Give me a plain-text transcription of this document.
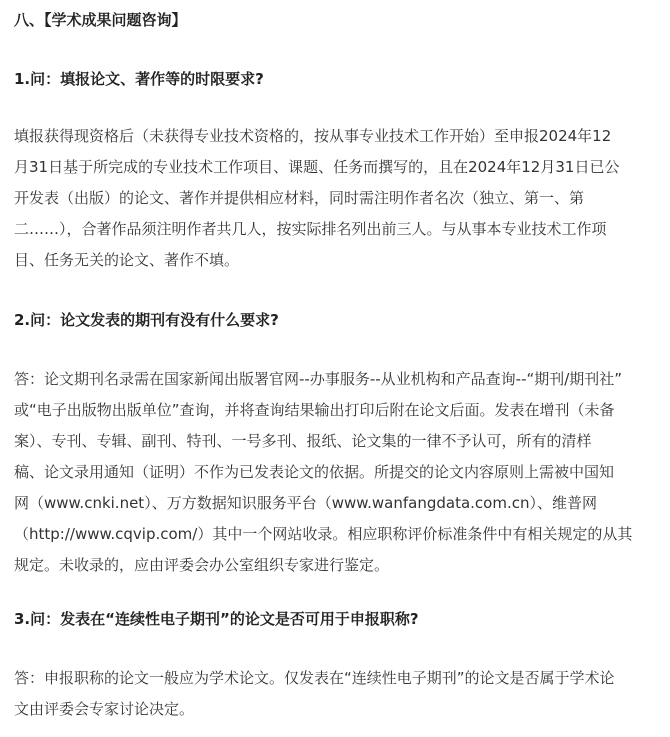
八、【学术成果问题咨询】
1.问：填报论文、著作等的时限要求?
填报获得现资格后（未获得专业技术资格的，按从事专业技术工作开始）至申报2024年12
月31日基于所完成的专业技术工作项目、课题、任务而撰写的，且在2024年12月31日已公
开发表（出版）的论文、著作并提供相应材料，同时需注明作者名次（独立、第一、第
二……），合著作品须注明作者共几人，按实际排名列出前三人。与从事本专业技术工作项
目、任务无关的论文、著作不填。
2.问：论文发表的期刊有没有什么要求?
答：论文期刊名录需在国家新闻出版署官网--办事服务--从业机构和产品查询--“期刊/期刊社”
或“电子出版物出版单位”查询，并将查询结果输出打印后附在论文后面。发表在增刊（未备
案）、专刊、专辑、副刊、特刊、一号多刊、报纸、论文集的一律不予认可，所有的清样
稿、论文录用通知（证明）不作为已发表论文的依据。所提交的论文内容原则上需被中国知
网（www.cnki.net）、万方数据知识服务平台（www.wanfangdata.com.cn）、维普网
（http://www.cqvip.com/）其中一个网站收录。相应职称评价标准条件中有相关规定的从其
规定。未收录的，应由评委会办公室组织专家进行鉴定。
3.问：发表在“连续性电子期刊”的论文是否可用于申报职称?
答：申报职称的论文一般应为学术论文。仅发表在“连续性电子期刊”的论文是否属于学术论
文由评委会专家讨论决定。
